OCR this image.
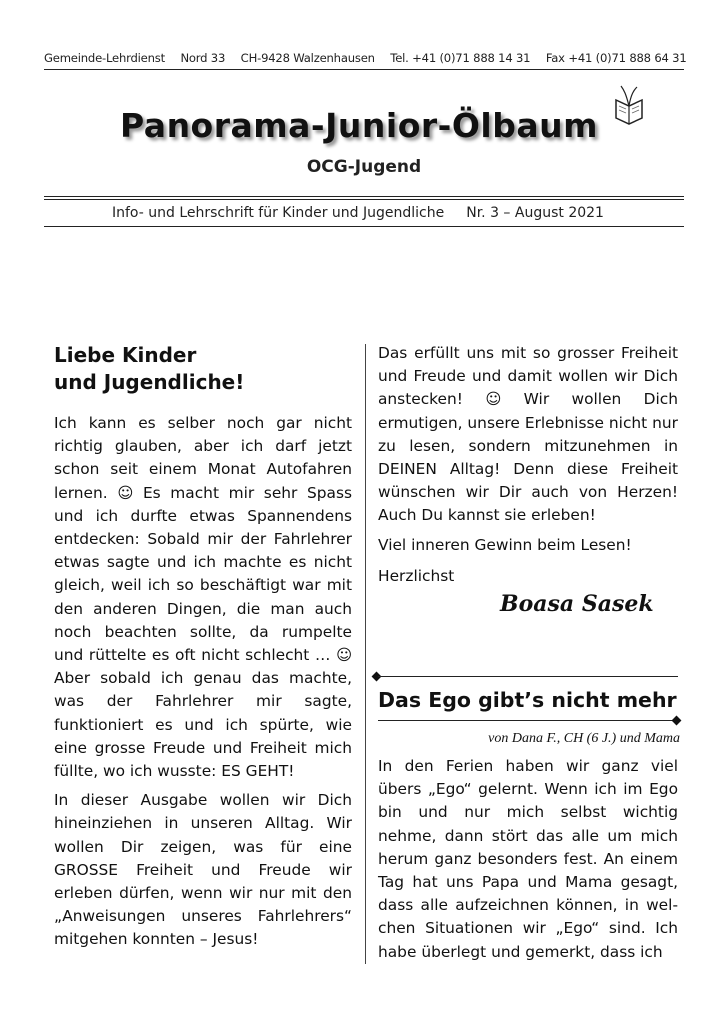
Gemeinde-Lehrdienst Nord 33 CH-9428 Walzenhausen Tel. +41 (0)71 888 14 31 Fax +41 (0)71 888 64 31
Panorama-Junior-Ölbaum
OCG-Jugend
Info- und Lehrschrift für Kinder und Jugendliche Nr. 3 – August 2021
Liebe Kinder
und Jugendliche!

Ich kann es selber noch gar nicht richtig glauben, aber ich darf jetzt schon seit einem Monat Autofahren lernen. ☺ Es macht mir sehr Spass und ich durfte etwas Spannendens entdecken: Sobald mir der Fahrlehrer etwas sagte und ich machte es nicht gleich, weil ich so beschäftigt war mit den anderen Dingen, die man auch noch beachten sollte, da rumpelte und rüttelte es oft nicht schlecht … ☺ Aber sobald ich genau das machte, was der Fahrlehrer mir sagte, funktioniert es und ich spürte, wie eine grosse Freude und Freiheit mich füllte, wo ich wusste: ES GEHT!

In dieser Ausgabe wollen wir Dich hineinziehen in unseren Alltag. Wir wollen Dir zeigen, was für eine GROSSE Freiheit und Freude wir erleben dürfen, wenn wir nur mit den „Anweisungen unseres Fahrlehrers“ mitgehen konnten – Jesus!

Das erfüllt uns mit so grosser Freiheit und Freude und damit wollen wir Dich anstecken! ☺ Wir wollen Dich ermutigen, unsere Erlebnisse nicht nur zu lesen, sondern mitzunehmen in DEINEN Alltag! Denn diese Freiheit wünschen wir Dir auch von Herzen! Auch Du kannst sie erleben!

Viel inneren Gewinn beim Lesen!

Herzlichst

Boasa Sasek
Das Ego gibt’s nicht mehr
von Dana F., CH (6 J.) und Mama

In den Ferien haben wir ganz viel übers „Ego“ gelernt. Wenn ich im Ego bin und nur mich selbst wichtig nehme, dann stört das alle um mich herum ganz besonders fest. An einem Tag hat uns Papa und Mama gesagt, dass alle aufzeichnen können, in welchen Situationen wir „Ego“ sind. Ich habe überlegt und gemerkt, dass ich
